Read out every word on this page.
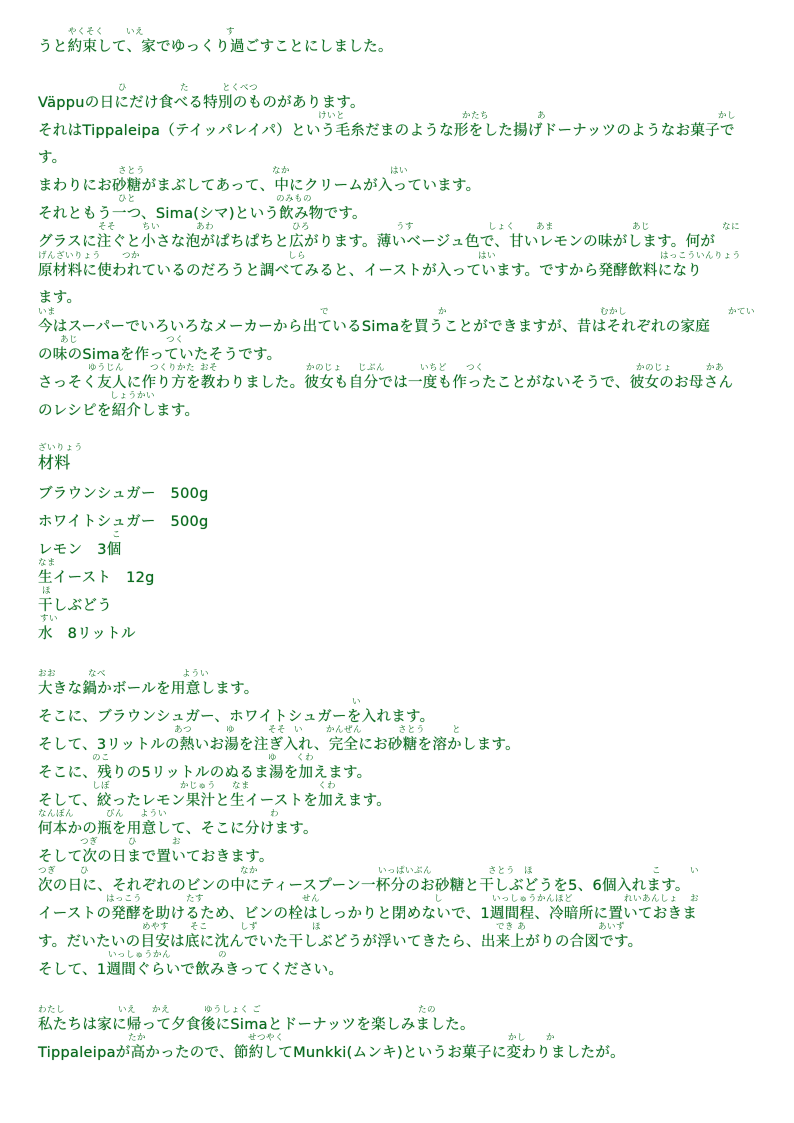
うと約束して、家でゆっくり過ごすことにしました。
Väppuの日にだけ食べる特別のものがあります。
それはTippaleipa（テイッパレイパ）という毛糸だまのような形をした揚げドーナッツのようなお菓子で
す。
まわりにお砂糖がまぶしてあって、中にクリームが入っています。
それともう一つ、Sima(シマ)という飲み物です。
グラスに注ぐと小さな泡がぱちぱちと広がります。薄いベージュ色で、甘いレモンの味がします。何が
原材料に使われているのだろうと調べてみると、イーストが入っています。ですから発酵飲料になり
ます。
今はスーパーでいろいろなメーカーから出ているSimaを買うことができますが、昔はそれぞれの家庭
の味のSimaを作っていたそうです。
さっそく友人に作り方を教わりました。彼女も自分では一度も作ったことがないそうで、彼女のお母さん
のレシピを紹介します。
材料
ブラウンシュガー　500g
ホワイトシュガー　500g
レモン　3個
生イースト　12g
干しぶどう
水　8リットル
大きな鍋かボールを用意します。
そこに、ブラウンシュガー、ホワイトシュガーを入れます。
そして、3リットルの熱いお湯を注ぎ入れ、完全にお砂糖を溶かします。
そこに、残りの5リットルのぬるま湯を加えます。
そして、絞ったレモン果汁と生イーストを加えます。
何本かの瓶を用意して、そこに分けます。
そして次の日まで置いておきます。
次の日に、それぞれのビンの中にティースプーン一杯分のお砂糖と干しぶどうを5、6個入れます。
イーストの発酵を助けるため、ビンの栓はしっかりと閉めないで、1週間程、冷暗所に置いておきま
す。だいたいの目安は底に沈んでいた干しぶどうが浮いてきたら、出来上がりの合図です。
そして、1週間ぐらいで飲みきってください。
私たちは家に帰って夕食後にSimaとドーナッツを楽しみました。
Tippaleipaが高かったので、節約してMunkki(ムンキ)というお菓子に変わりましたが。
やくそく	いえ	す
ひ	た	とくべつ
けいと	かたち	あ	かし
さとう	なか	はい
ひと	のみもの
そそ	ちい	あわ	ひろ	うす	しょく あま	あじ	なに
げんざいりょう つか	しら	はい	はっこういんりょう
いま	で	か	むかし	かてい
あじ	つく
ゆうじん	つくりかた おそ	かのじょ じぶん	いちど つく	かのじょ	かあ
しょうかい
ざいりょう
こ
なま
ほ
すい
おお	なべ	ようい
い
あつ	ゆ	そそ い	かんぜん	さとう	と
のこ	ゆ くわ
しぼ	かじゅう なま	くわ
なんぼん	びん ようい	わ
つぎ	ひ	お
つぎ	ひ	なか	いっぱいぶん	さとう ほ	こ	い
はっこう	たす	せん	し	いっしゅうかんほど	れいあんしょ お
めやす そこ	しず	ほ	でき あ	あいず
いっしゅうかん	の
わたし	いえ かえ	ゆうしょく ご	たの
たか	せつやく	かし か
